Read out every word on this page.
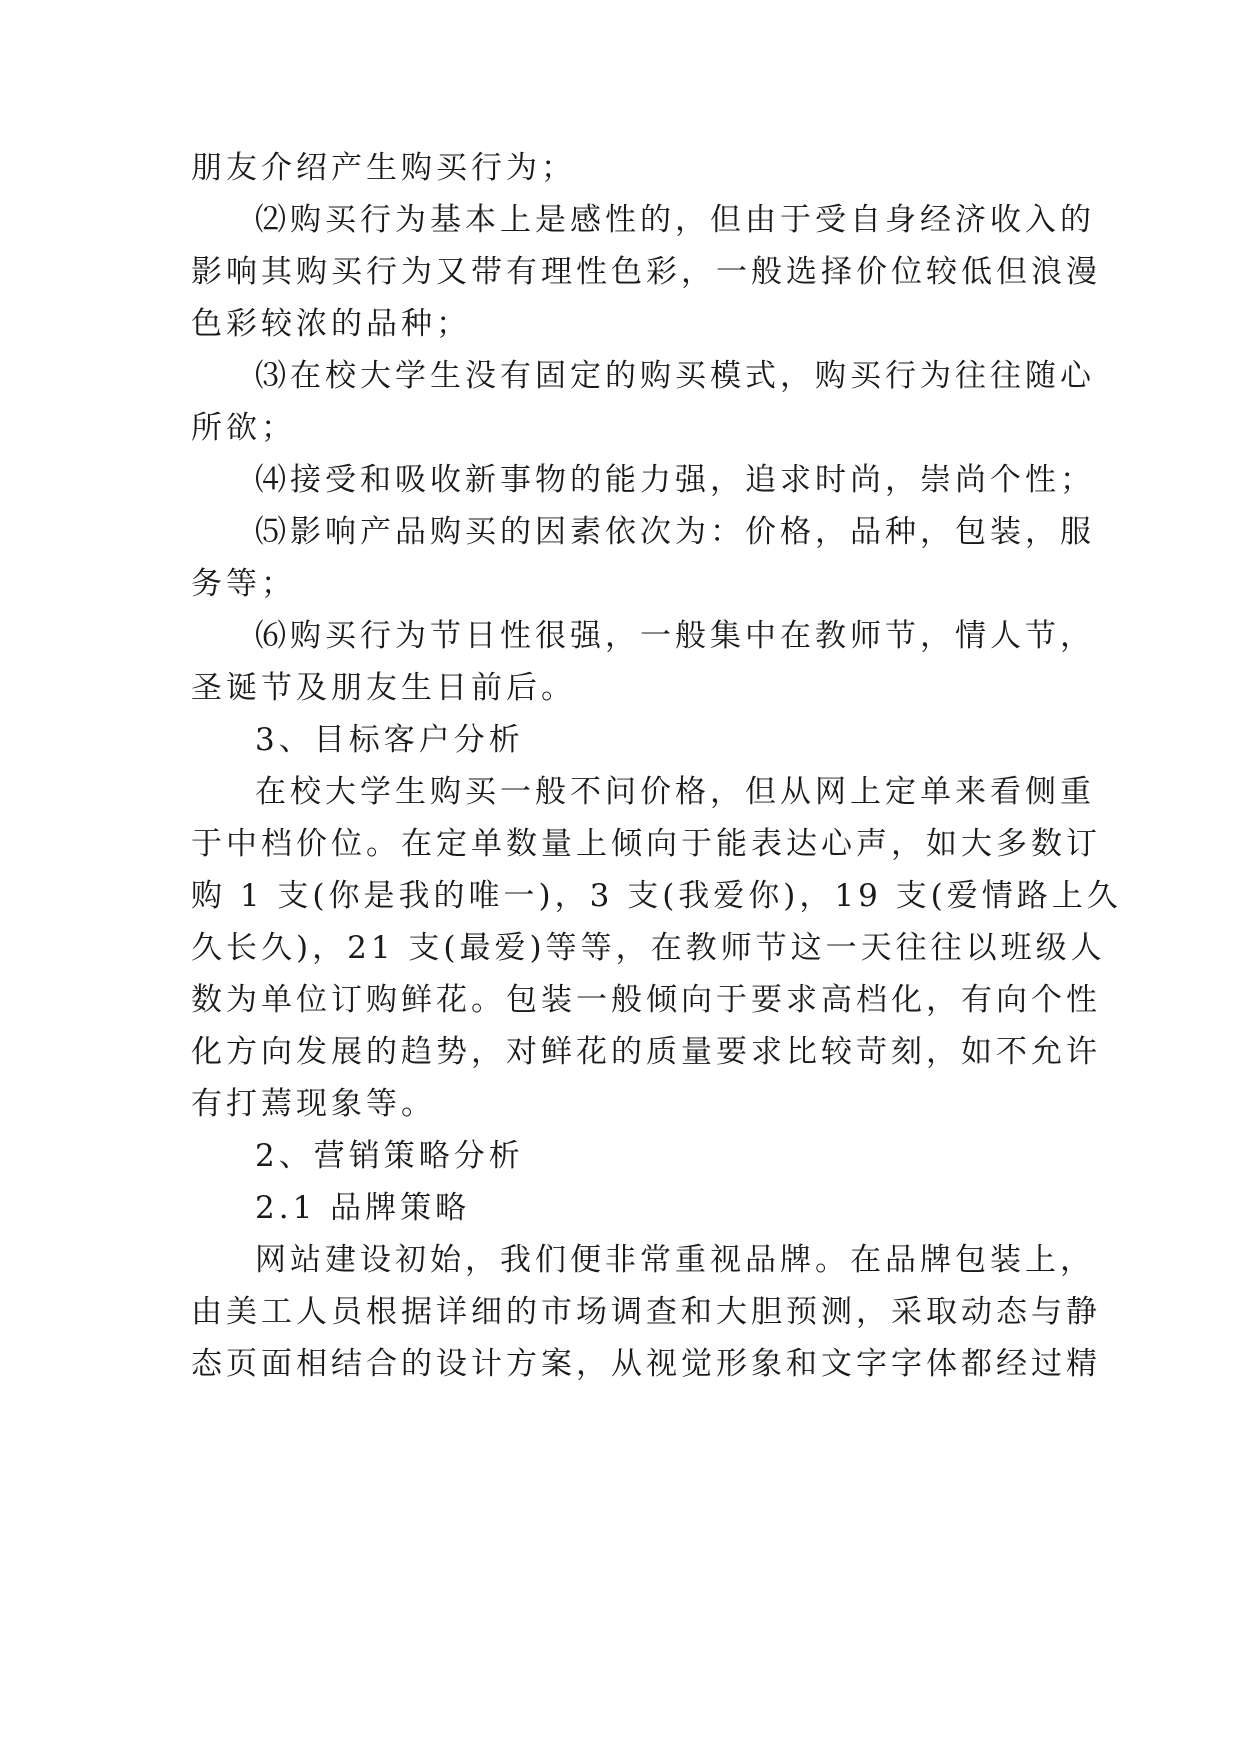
朋友介绍产生购买行为；
⑵购买行为基本上是感性的，但由于受自身经济收入的
影响其购买行为又带有理性色彩，一般选择价位较低但浪漫
色彩较浓的品种；
⑶在校大学生没有固定的购买模式，购买行为往往随心
所欲；
⑷接受和吸收新事物的能力强，追求时尚，崇尚个性；
⑸影响产品购买的因素依次为：价格，品种，包装，服
务等；
⑹购买行为节日性很强，一般集中在教师节，情人节，
圣诞节及朋友生日前后。
3、目标客户分析
在校大学生购买一般不问价格，但从网上定单来看侧重
于中档价位。在定单数量上倾向于能表达心声，如大多数订
购 1 支(你是我的唯一)，3 支(我爱你)，19 支(爱情路上久
久长久)，21 支(最爱)等等，在教师节这一天往往以班级人
数为单位订购鲜花。包装一般倾向于要求高档化，有向个性
化方向发展的趋势，对鲜花的质量要求比较苛刻，如不允许
有打蔫现象等。
2、营销策略分析
2.1 品牌策略
网站建设初始，我们便非常重视品牌。在品牌包装上，
由美工人员根据详细的市场调查和大胆预测，采取动态与静
态页面相结合的设计方案，从视觉形象和文字字体都经过精
